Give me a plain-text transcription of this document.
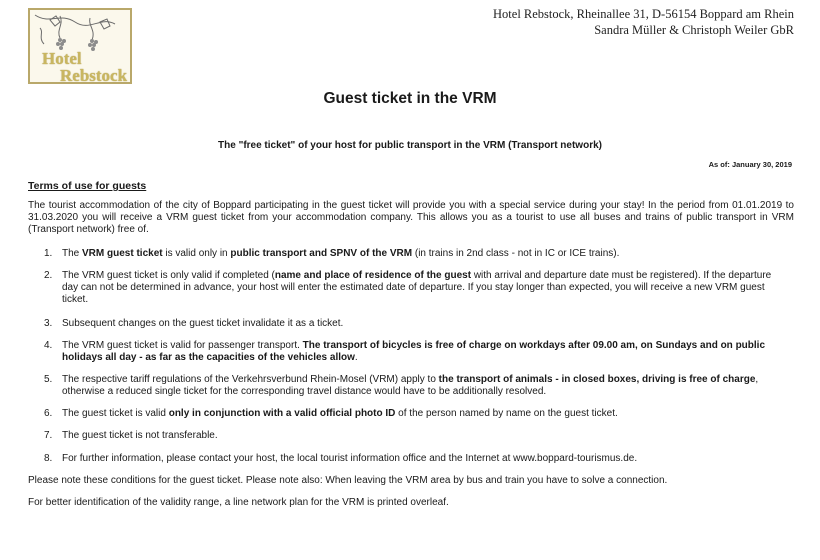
Hotel
Rebstock
Hotel Rebstock, Rheinallee 31, D-56154 Boppard am Rhein
Sandra Müller & Christoph Weiler GbR
Guest ticket in the VRM
The "free ticket" of your host for public transport in the VRM (Transport network)
As of: January 30, 2019
Terms of use for guests
The tourist accommodation of the city of Boppard participating in the guest ticket will provide you with a special service during your stay! In the period from 01.01.2019 to 31.03.2020 you will receive a VRM guest ticket from your accommodation company. This allows you as a tourist to use all buses and trains of public transport in VRM (Transport network) free of.
1. The VRM guest ticket is valid only in public transport and SPNV of the VRM (in trains in 2nd class - not in IC or ICE trains).
2. The VRM guest ticket is only valid if completed (name and place of residence of the guest with arrival and departure date must be registered). If the departure day can not be determined in advance, your host will enter the estimated date of departure. If you stay longer than expected, you will receive a new VRM guest ticket.
3. Subsequent changes on the guest ticket invalidate it as a ticket.
4. The VRM guest ticket is valid for passenger transport. The transport of bicycles is free of charge on workdays after 09.00 am, on Sundays and on public holidays all day - as far as the capacities of the vehicles allow.
5. The respective tariff regulations of the Verkehrsverbund Rhein-Mosel (VRM) apply to the transport of animals - in closed boxes, driving is free of charge, otherwise a reduced single ticket for the corresponding travel distance would have to be additionally resolved.
6. The guest ticket is valid only in conjunction with a valid official photo ID of the person named by name on the guest ticket.
7. The guest ticket is not transferable.
8. For further information, please contact your host, the local tourist information office and the Internet at www.boppard-tourismus.de.
Please note these conditions for the guest ticket. Please note also: When leaving the VRM area by bus and train you have to solve a connection.
For better identification of the validity range, a line network plan for the VRM is printed overleaf.
